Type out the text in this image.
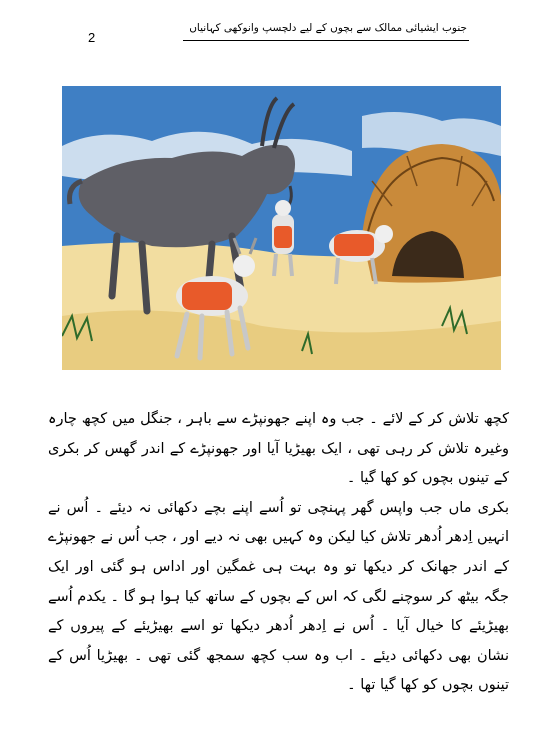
2
جنوب ایشیائی ممالک سے بچوں کے لیے دلچسپ وانوکھی کہانیاں

کچھ تلاش کر کے لائے ۔ جب وہ اپنے جھونپڑے سے باہر ، جنگل میں کچھ چارہ وغیرہ تلاش کر رہی تھی ، ایک بھیڑیا آیا اور جھونپڑے کے اندر گھس کر بکری کے تینوں بچوں کو کھا گیا ۔

بکری ماں جب واپس گھر پہنچی تو اُسے اپنے بچے دکھائی نہ دیئے ۔ اُس نے انہیں اِدھر اُدھر تلاش کیا لیکن وہ کہیں بھی نہ دیے اور ، جب اُس نے جھونپڑے کے اندر جھانک کر دیکھا تو وہ بہت ہی غمگین اور اداس ہو گئی اور ایک جگہ بیٹھ کر سوچنے لگی کہ اس کے بچوں کے ساتھ کیا ہوا ہو گا ۔ یکدم اُسے بھیڑیئے کا خیال آیا ۔ اُس نے اِدھر اُدھر دیکھا تو اسے بھیڑیئے کے پیروں کے نشان بھی دکھائی دیئے ۔ اب وہ سب کچھ سمجھ گئی تھی ۔ بھیڑیا اُس کے تینوں بچوں کو کھا گیا تھا ۔
